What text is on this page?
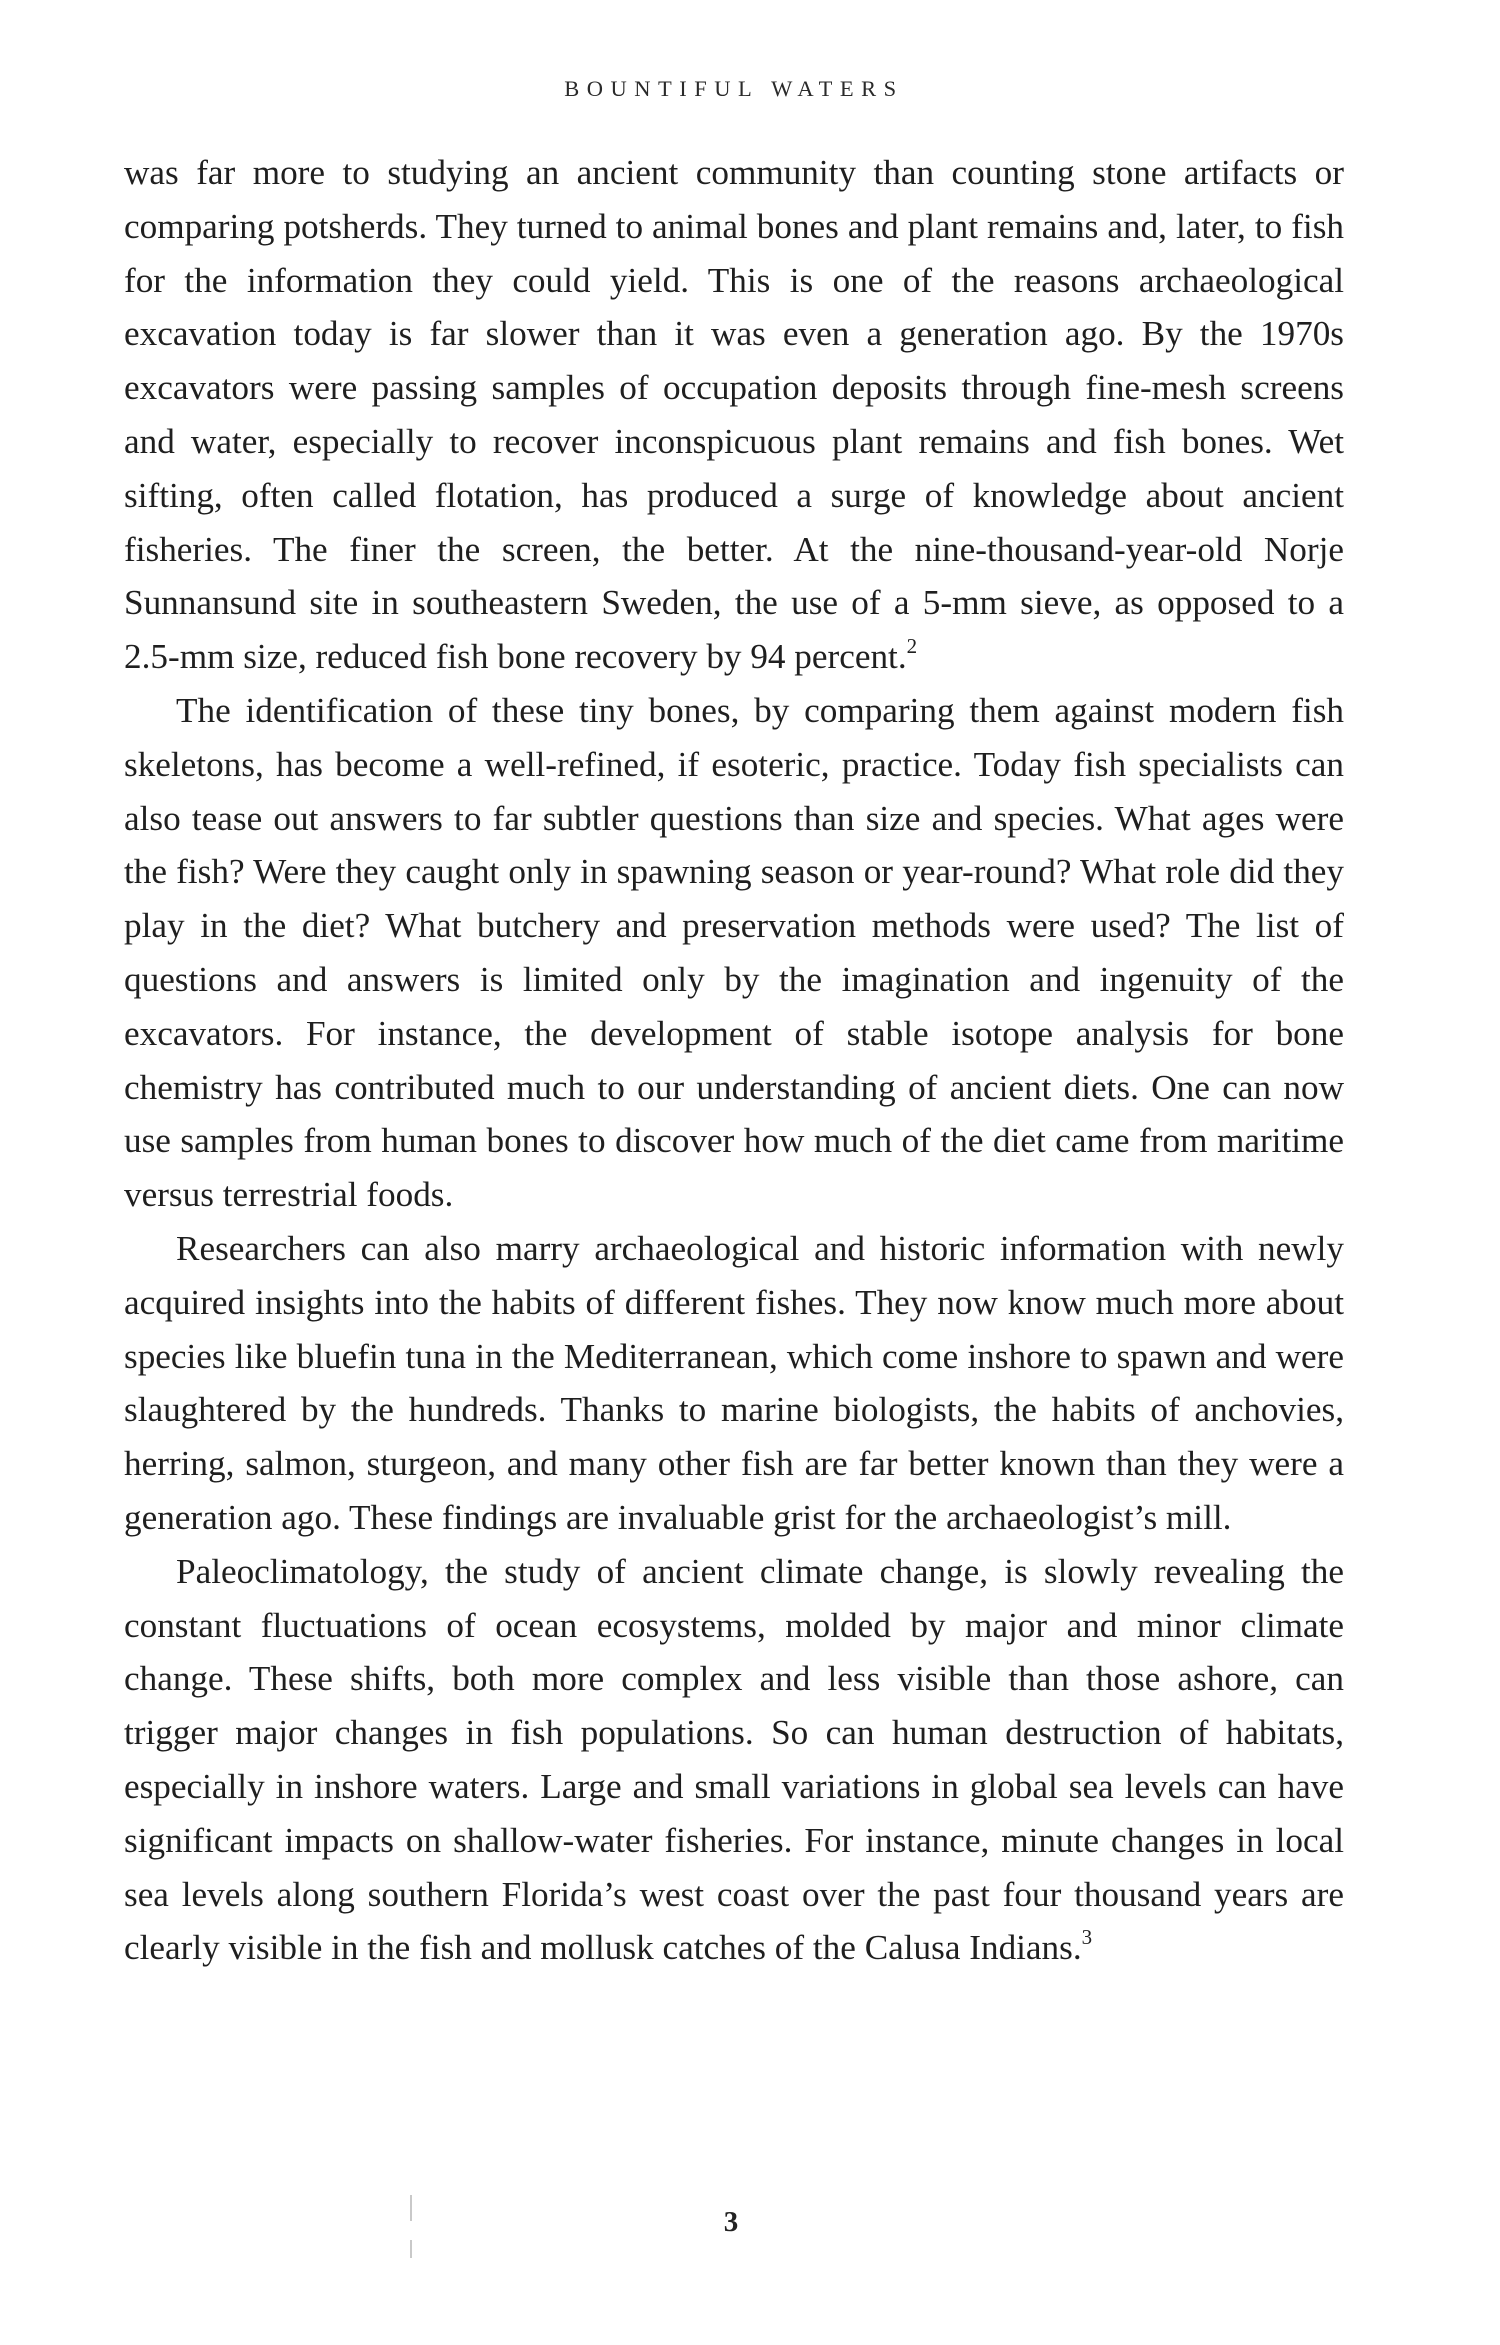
BOUNTIFUL WATERS

was far more to studying an ancient community than counting stone artifacts or comparing potsherds. They turned to animal bones and plant remains and, later, to fish for the information they could yield. This is one of the reasons archaeological excavation today is far slower than it was even a generation ago. By the 1970s excavators were passing samples of occupation deposits through fine-mesh screens and water, especially to recover inconspicuous plant remains and fish bones. Wet sifting, often called flotation, has produced a surge of knowledge about ancient fisheries. The finer the screen, the better. At the nine-thousand-year-old Norje Sunnansund site in southeastern Sweden, the use of a 5-mm sieve, as opposed to a 2.5-mm size, reduced fish bone recovery by 94 percent.$^2$

The identification of these tiny bones, by comparing them against modern fish skeletons, has become a well-refined, if esoteric, practice. Today fish specialists can also tease out answers to far subtler questions than size and species. What ages were the fish? Were they caught only in spawning season or year-round? What role did they play in the diet? What butchery and preservation methods were used? The list of questions and answers is limited only by the imagination and ingenuity of the excavators. For instance, the development of stable isotope analysis for bone chemistry has contributed much to our understanding of ancient diets. One can now use samples from human bones to discover how much of the diet came from maritime versus terrestrial foods.

Researchers can also marry archaeological and historic information with newly acquired insights into the habits of different fishes. They now know much more about species like bluefin tuna in the Mediterranean, which come inshore to spawn and were slaughtered by the hundreds. Thanks to marine biologists, the habits of anchovies, herring, salmon, sturgeon, and many other fish are far better known than they were a generation ago. These findings are invaluable grist for the archaeologist’s mill.

Paleoclimatology, the study of ancient climate change, is slowly revealing the constant fluctuations of ocean ecosystems, molded by major and minor climate change. These shifts, both more complex and less visible than those ashore, can trigger major changes in fish populations. So can human destruction of habitats, especially in inshore waters. Large and small variations in global sea levels can have significant impacts on shallow-water fisheries. For instance, minute changes in local sea levels along southern Florida’s west coast over the past four thousand years are clearly visible in the fish and mollusk catches of the Calusa Indians.$^3$

3
